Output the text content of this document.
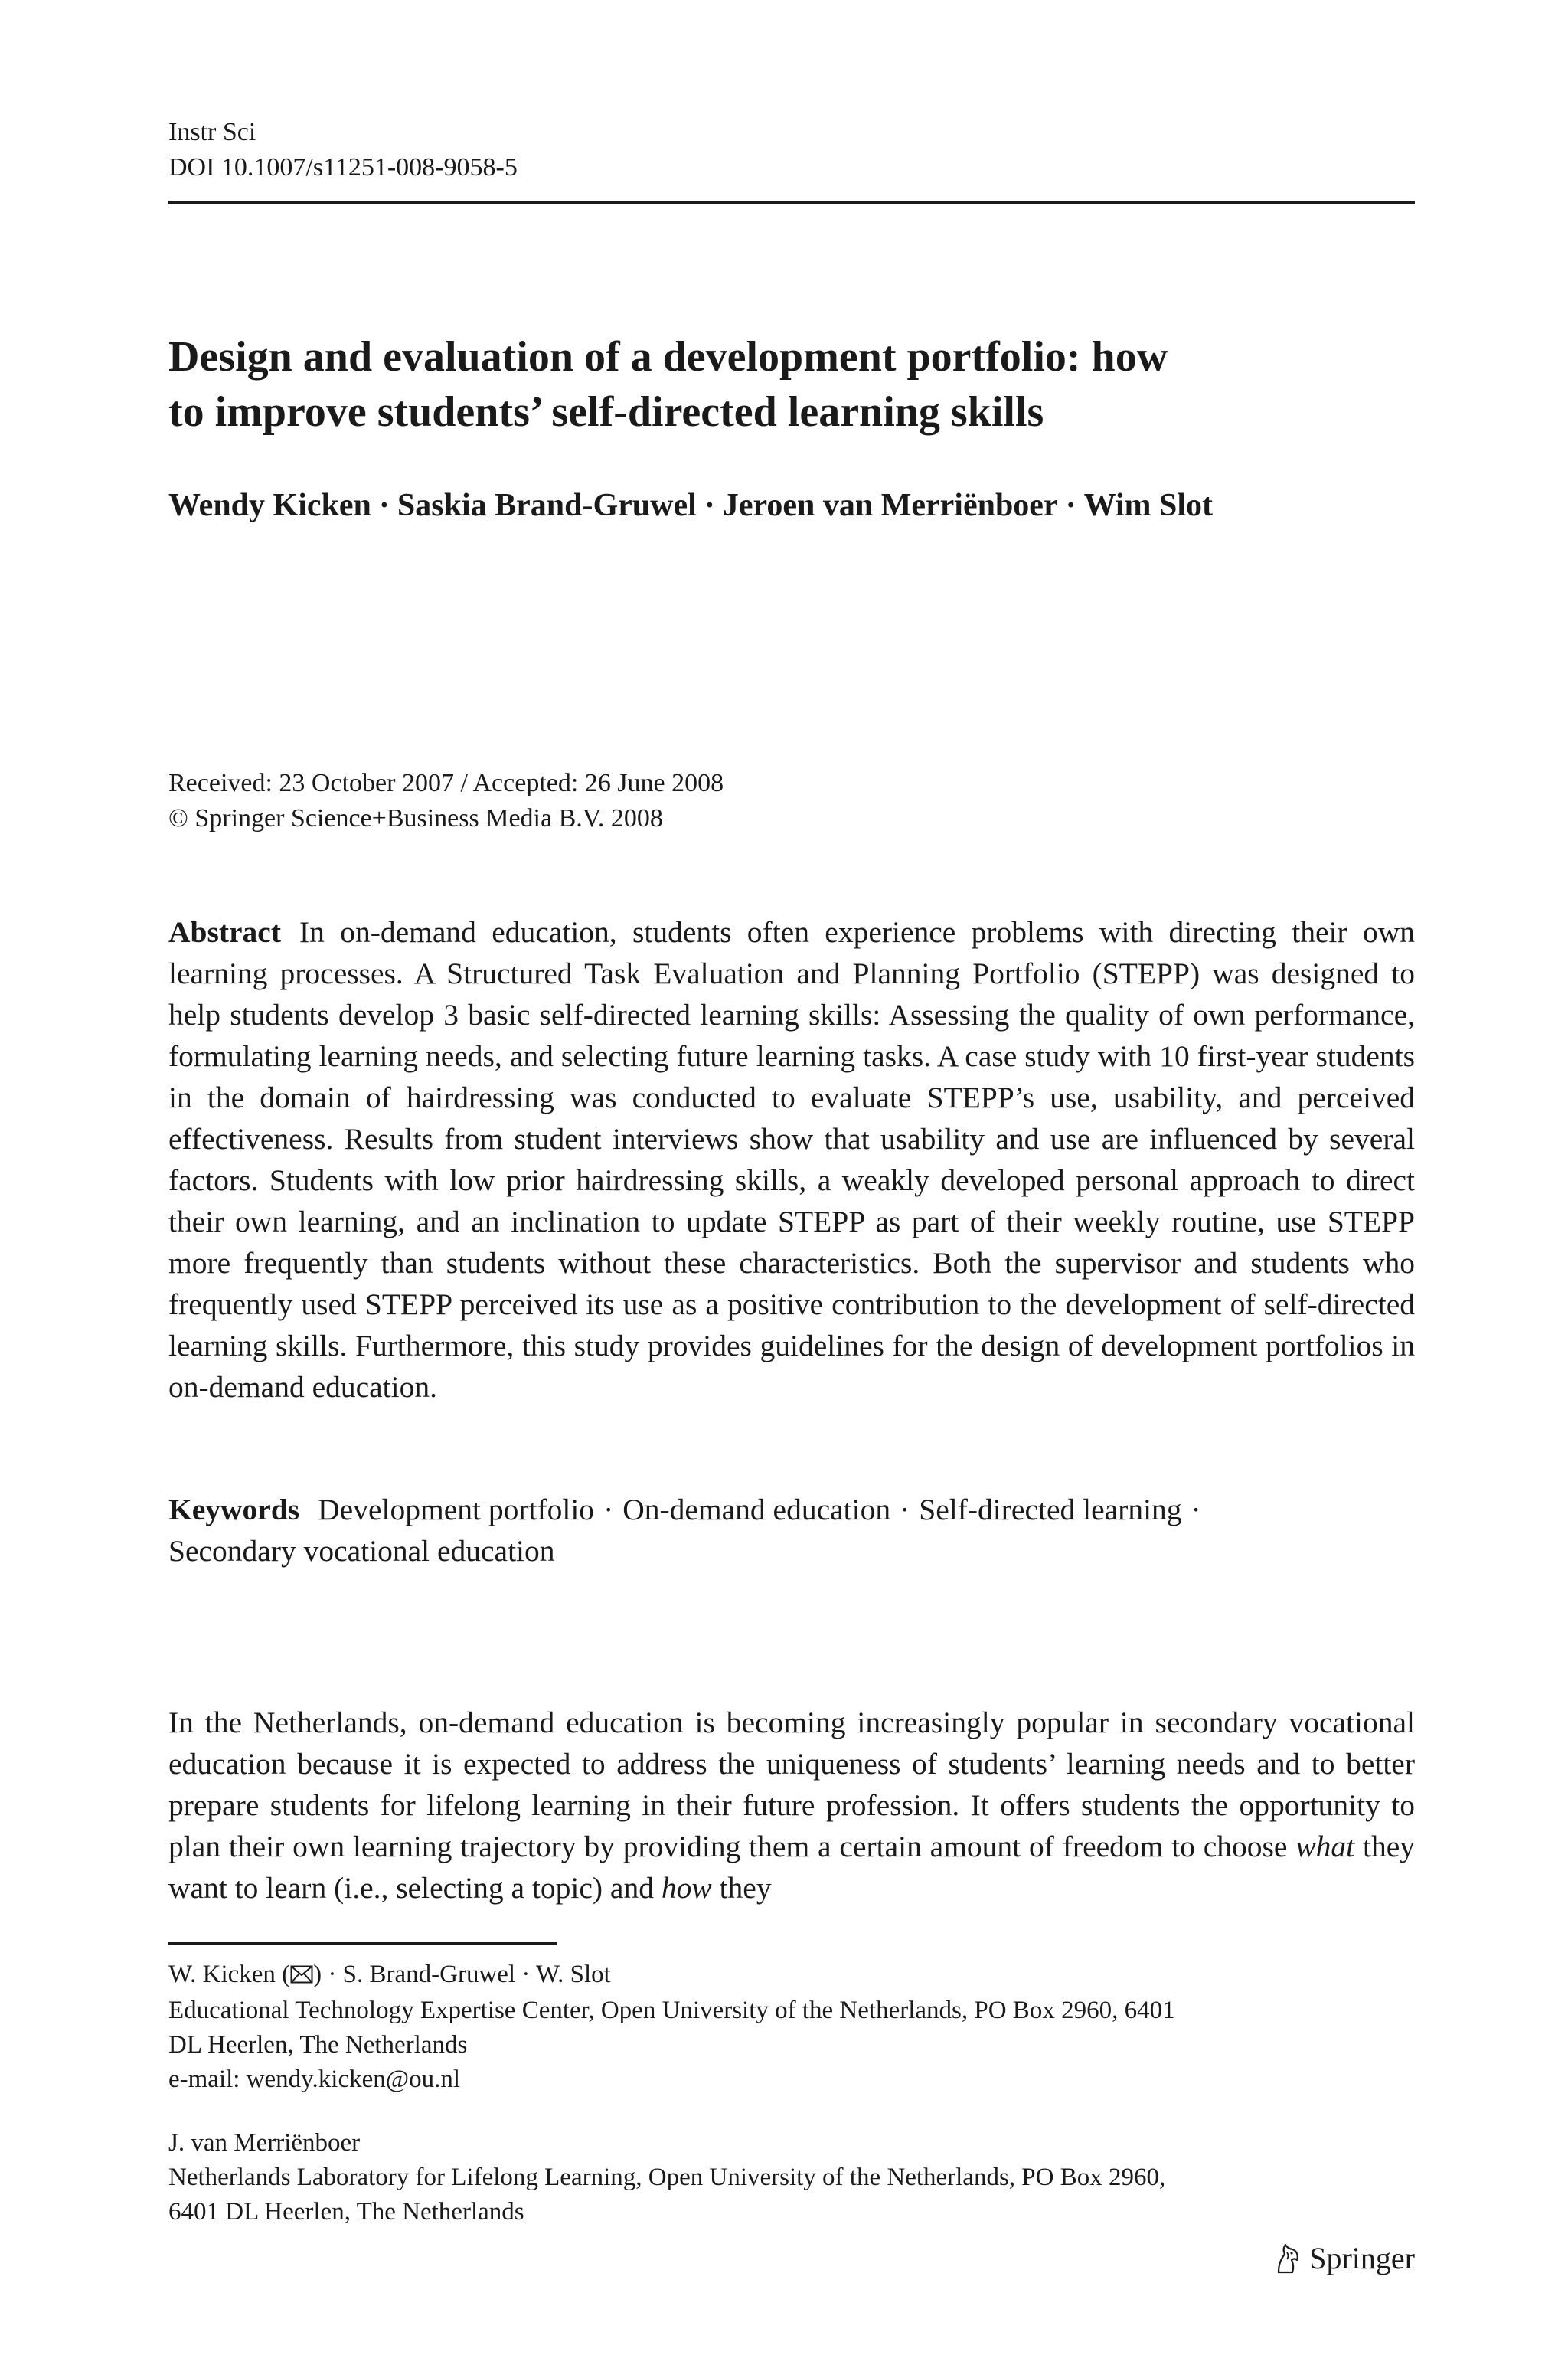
Instr Sci
DOI 10.1007/s11251-008-9058-5
Design and evaluation of a development portfolio: how
to improve students’ self-directed learning skills
Wendy Kicken · Saskia Brand-Gruwel · Jeroen van Merriënboer · Wim Slot
Received: 23 October 2007 / Accepted: 26 June 2008
© Springer Science+Business Media B.V. 2008
Abstract In on-demand education, students often experience problems with directing their own learning processes. A Structured Task Evaluation and Planning Portfolio (STEPP) was designed to help students develop 3 basic self-directed learning skills: Assessing the quality of own performance, formulating learning needs, and selecting future learning tasks. A case study with 10 first-year students in the domain of hairdressing was conducted to evaluate STEPP’s use, usability, and perceived effectiveness. Results from student interviews show that usability and use are influenced by several factors. Students with low prior hairdressing skills, a weakly developed personal approach to direct their own learning, and an inclination to update STEPP as part of their weekly routine, use STEPP more frequently than students without these characteristics. Both the supervisor and students who frequently used STEPP perceived its use as a positive contribution to the development of self-directed learning skills. Furthermore, this study provides guidelines for the design of development portfolios in on-demand education.
Keywords Development portfolio · On-demand education · Self-directed learning ·
Secondary vocational education
In the Netherlands, on-demand education is becoming increasingly popular in secondary vocational education because it is expected to address the uniqueness of students’ learning needs and to better prepare students for lifelong learning in their future profession. It offers students the opportunity to plan their own learning trajectory by providing them a certain amount of freedom to choose what they want to learn (i.e., selecting a topic) and how they
W. Kicken ( ) · S. Brand-Gruwel · W. Slot
Educational Technology Expertise Center, Open University of the Netherlands, PO Box 2960, 6401
DL Heerlen, The Netherlands
e-mail: wendy.kicken@ou.nl
J. van Merriënboer
Netherlands Laboratory for Lifelong Learning, Open University of the Netherlands, PO Box 2960,
6401 DL Heerlen, The Netherlands
Springer
